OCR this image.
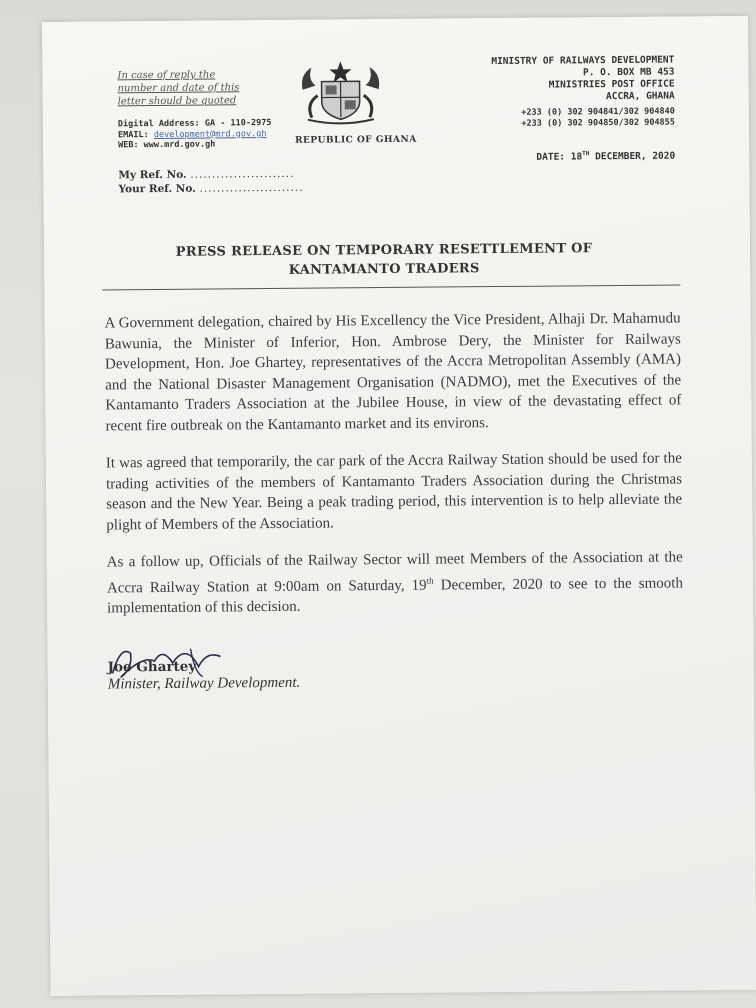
In case of reply the
number and date of this
letter should be quoted
Digital Address: GA - 110-2975
EMAIL: development@mrd.gov.gh
WEB: www.mrd.gov.gh
My Ref. No. ........................
Your Ref. No. ........................
REPUBLIC OF GHANA
MINISTRY OF RAILWAYS DEVELOPMENT
P. O. BOX MB 453
MINISTRIES POST OFFICE
ACCRA, GHANA
+233 (0) 302 904841/302 904840
+233 (0) 302 904850/302 904855
DATE: 18TH DECEMBER, 2020
PRESS RELEASE ON TEMPORARY RESETTLEMENT OF
KANTAMANTO TRADERS

A Government delegation, chaired by His Excellency the Vice President, Alhaji Dr. Mahamudu Bawunia, the Minister of Inferior, Hon. Ambrose Dery, the Minister for Railways Development, Hon. Joe Ghartey, representatives of the Accra Metropolitan Assembly (AMA) and the National Disaster Management Organisation (NADMO), met the Executives of the Kantamanto Traders Association at the Jubilee House, in view of the devastating effect of recent fire outbreak on the Kantamanto market and its environs.

It was agreed that temporarily, the car park of the Accra Railway Station should be used for the trading activities of the members of Kantamanto Traders Association during the Christmas season and the New Year. Being a peak trading period, this intervention is to help alleviate the plight of Members of the Association.

As a follow up, Officials of the Railway Sector will meet Members of the Association at the Accra Railway Station at 9:00am on Saturday, 19th December, 2020 to see to the smooth implementation of this decision.

Joe Ghartey
Minister, Railway Development.
